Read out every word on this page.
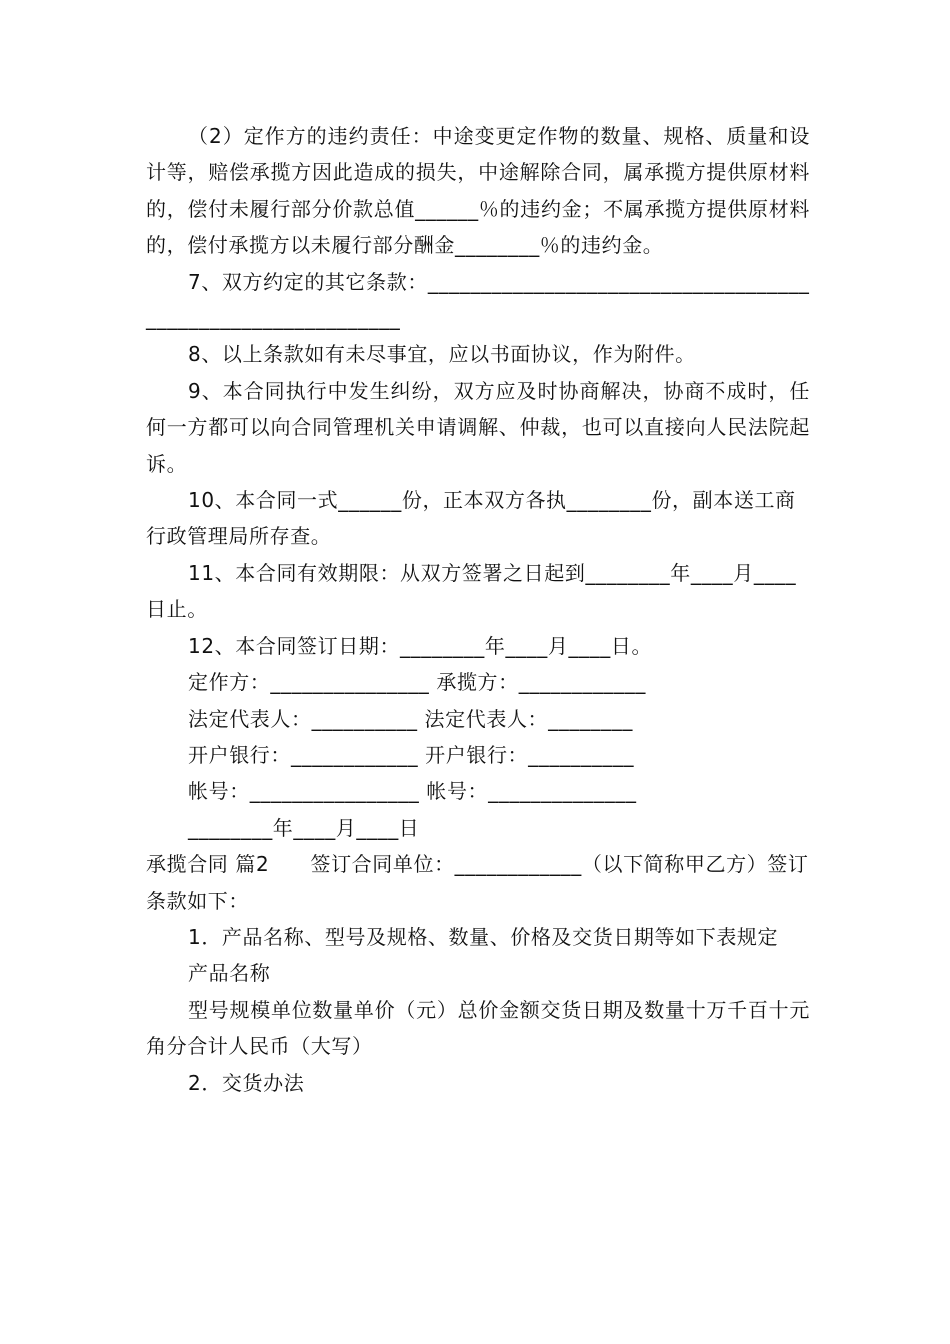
（2）定作方的违约责任：中途变更定作物的数量、规格、质量和设计等，赔偿承揽方因此造成的损失，中途解除合同，属承揽方提供原材料的，偿付未履行部分价款总值______％的违约金；不属承揽方提供原材料的，偿付承揽方以未履行部分酬金________％的违约金。

7、双方约定的其它条款：____________________________________________________________

8、以上条款如有未尽事宜，应以书面协议，作为附件。

9、本合同执行中发生纠纷，双方应及时协商解决，协商不成时，任何一方都可以向合同管理机关申请调解、仲裁，也可以直接向人民法院起诉。

10、本合同一式______份，正本双方各执________份，副本送工商行政管理局所存查。

11、本合同有效期限：从双方签署之日起到________年____月____日止。

12、本合同签订日期：________年____月____日。

定作方：_______________ 承揽方：____________

法定代表人：__________ 法定代表人：________

开户银行：____________ 开户银行：__________

帐号：________________ 帐号：______________

________年____月____日

承揽合同 篇2　　签订合同单位：____________（以下简称甲乙方）签订条款如下：

1．产品名称、型号及规格、数量、价格及交货日期等如下表规定

产品名称

型号规模单位数量单价（元）总价金额交货日期及数量十万千百十元角分合计人民币（大写）

2．交货办法
